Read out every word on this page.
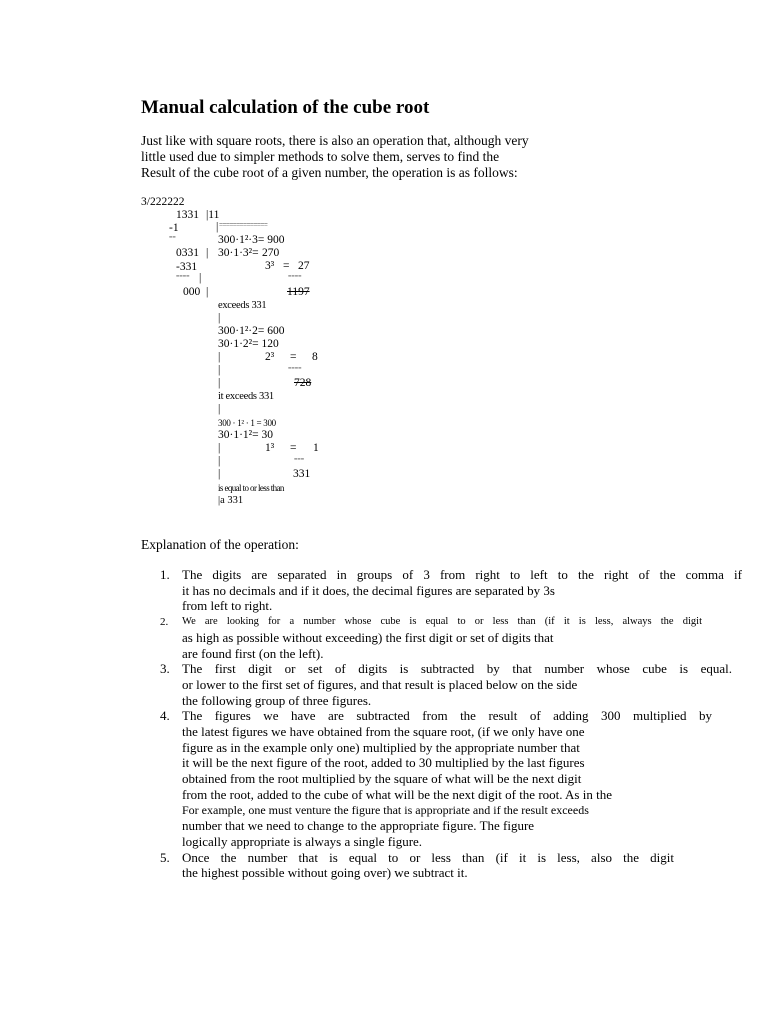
Manual calculation of the cube root
Just like with square roots, there is also an operation that, although very
little used due to simpler methods to solve them, serves to find the
Result of the cube root of a given number, the operation is as follows:
3/222222
1331 |11
-1	| ==============
==	300·1²·3= 900
0331 | 30·1·3²= 270
-331	3³ = 27
==== |	====
000 |	1197
exceeds 331
|
300·1²·2= 600
30·1·2²= 120
|	2³ = 8
|	====
|	728
it exceeds 331
|
300 · 1² · 1 = 300
30·1·1²= 30
|	1³ = 1
|	===
|	331
is equal to or less than
|a 331
Explanation of the operation:
1. The digits are separated in groups of 3 from right to left to the right of the comma if
it has no decimals and if it does, the decimal figures are separated by 3s
from left to right.
2. We are looking for a number whose cube is equal to or less than (if it is less, always the digit
as high as possible without exceeding) the first digit or set of digits that
are found first (on the left).
3. The first digit or set of digits is subtracted by that number whose cube is equal.
or lower to the first set of figures, and that result is placed below on the side
the following group of three figures.
4. The figures we have are subtracted from the result of adding 300 multiplied by
the latest figures we have obtained from the square root, (if we only have one
figure as in the example only one) multiplied by the appropriate number that
it will be the next figure of the root, added to 30 multiplied by the last figures
obtained from the root multiplied by the square of what will be the next digit
from the root, added to the cube of what will be the next digit of the root. As in the
For example, one must venture the figure that is appropriate and if the result exceeds
number that we need to change to the appropriate figure. The figure
logically appropriate is always a single figure.
5. Once the number that is equal to or less than (if it is less, also the digit
the highest possible without going over) we subtract it.
